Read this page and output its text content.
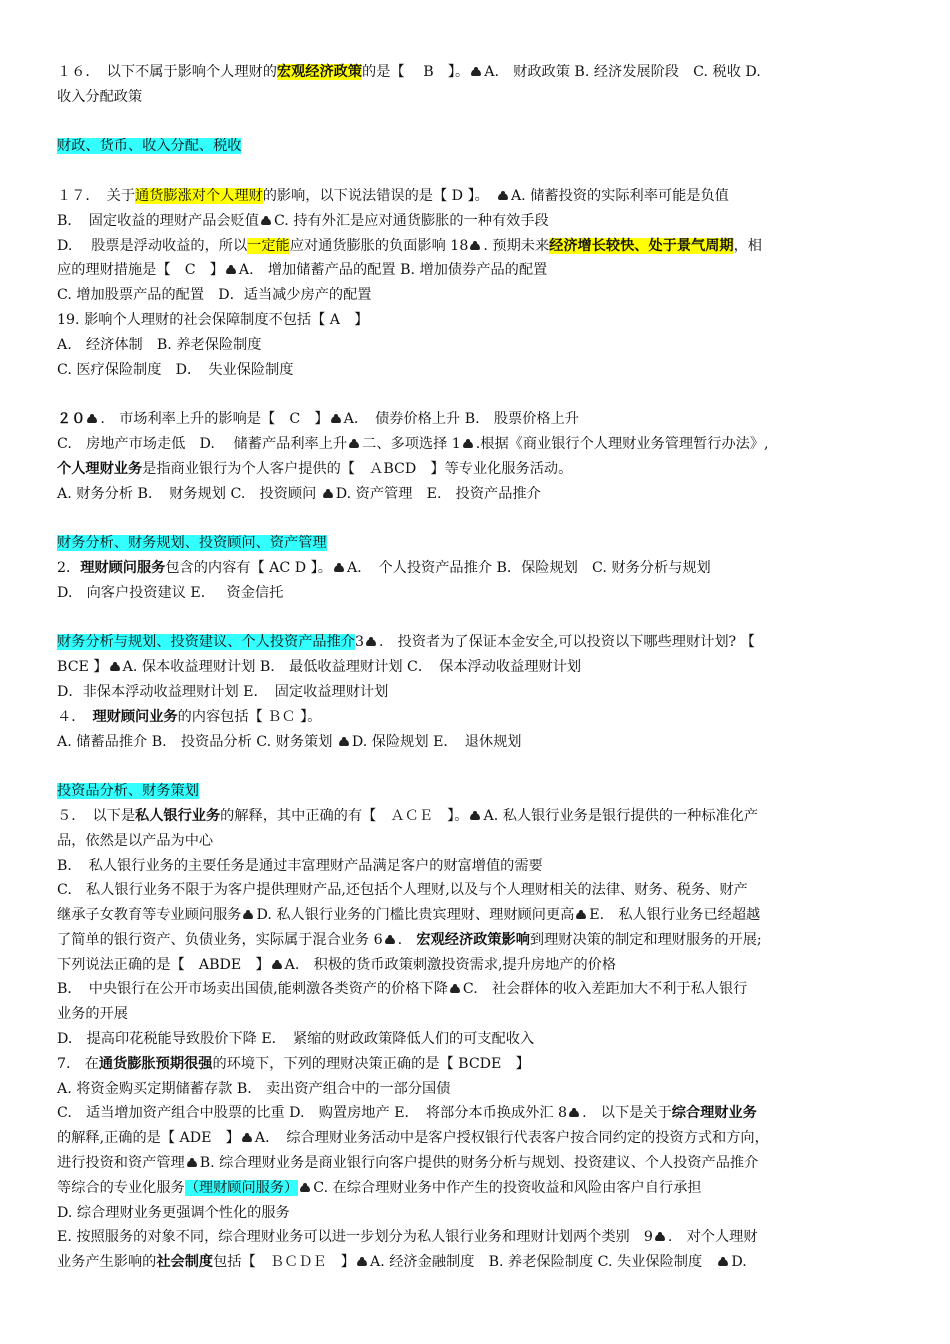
１６．　以下不属于影响个人理财的宏观经济政策的是【　 B　】。 A.　财政政策 B. 经济发展阶段　C. 税收 D.
收入分配政策

财政、货币、收入分配、税收

１７．　关于通货膨涨对个人理财的影响，以下说法错误的是【 D 】。　A. 储蓄投资的实际利率可能是负值
B．　固定收益的理财产品会贬值 C. 持有外汇是应对通货膨胀的一种有效手段
D.　 股票是浮动收益的，所以一定能应对通货膨胀的负面影响 18 . 预期未来经济增长较快、处于景气周期，相
应的理财措施是【　C　】 A.　增加储蓄产品的配置 B. 增加债券产品的配置
C. 增加股票产品的配置　D．适当减少房产的配置

19. 影响个人理财的社会保障制度不包括【 A　】
A.　经济体制　B. 养老保险制度
C. 医疗保险制度　D．　失业保险制度

２０ .　市场利率上升的影响是【　C　】 A．　债券价格上升 B.　股票价格上升
C.　房地产市场走低　D.　 储蓄产品利率上升 二、多项选择 1 .根据《商业银行个人理财业务管理暂行办法》,
个人理财业务是指商业银行为个人客户提供的【　ＡBCD　】等专业化服务活动。
A. 财务分析 B．　财务规划 C.　投资顾问 D. 资产管理　E.　投资产品推介

财务分析、财务规划、投资顾问、资产管理

2．理财顾问服务包含的内容有【 AC D 】。 A．　个人投资产品推介 B．保险规划　C. 财务分析与规划
D.　向客户投资建议 E．　 资金信托

财务分析与规划、投资建议、个人投资产品推介3 .　投资者为了保证本金安全,可以投资以下哪些理财计划? 【
BCE 】 A. 保本收益理财计划 B.　最低收益理财计划 C．　保本浮动收益理财计划
D．非保本浮动收益理财计划 E．　固定收益理财计划

４．　理财顾问业务的内容包括【 ＢＣ 】。
A. 储蓄品推介 B.　投资品分析 C. 财务策划 D. 保险规划 E．　退休规划

投资品分析、财务策划

５．　以下是私人银行业务的解释，其中正确的有【　ＡＣＥ　】。 A. 私人银行业务是银行提供的一种标准化产
品，依然是以产品为中心
B．　私人银行业务的主要任务是通过丰富理财产品满足客户的财富增值的需要
C.　私人银行业务不限于为客户提供理财产品,还包括个人理财,以及与个人理财相关的法律、财务、税务、财产
继承子女教育等专业顾问服务 D. 私人银行业务的门槛比贵宾理财、理财顾问更高 E.　私人银行业务已经超越
了简单的银行资产、负债业务，实际属于混合业务 6 .　宏观经济政策影响到理财决策的制定和理财服务的开展;

下列说法正确的是【　ABDE　】 A.　积极的货币政策刺激投资需求,提升房地产的价格
B．　中央银行在公开市场卖出国债,能刺激各类资产的价格下降 C.　社会群体的收入差距加大不利于私人银行
业务的开展
D.　提高印花税能导致股价下降 E．　紧缩的财政政策降低人们的可支配收入

7.　在通货膨胀预期很强的环境下，下列的理财决策正确的是【 BCDE　】
A. 将资金购买定期储蓄存款 B.　卖出资产组合中的一部分国债
C.　适当增加资产组合中股票的比重 D.　购置房地产 E．　将部分本币换成外汇 8 .　以下是关于综合理财业务
的解释,正确的是【 ADE　】 A．　综合理财业务活动中是客户授权银行代表客户按合同约定的投资方式和方向，
进行投资和资产管理 B. 综合理财业务是商业银行向客户提供的财务分析与规划、投资建议、个人投资产品推介
等综合的专业化服务（理财顾问服务） C. 在综合理财业务中作产生的投资收益和风险由客户自行承担
D. 综合理财业务更强调个性化的服务
E. 按照服务的对象不同，综合理财业务可以进一步划分为私人银行业务和理财计划两个类别　9 .　对个人理财
业务产生影响的社会制度包括【　ＢＣＤＥ　】 A. 经济金融制度　B. 养老保险制度 C. 失业保险制度　D.
